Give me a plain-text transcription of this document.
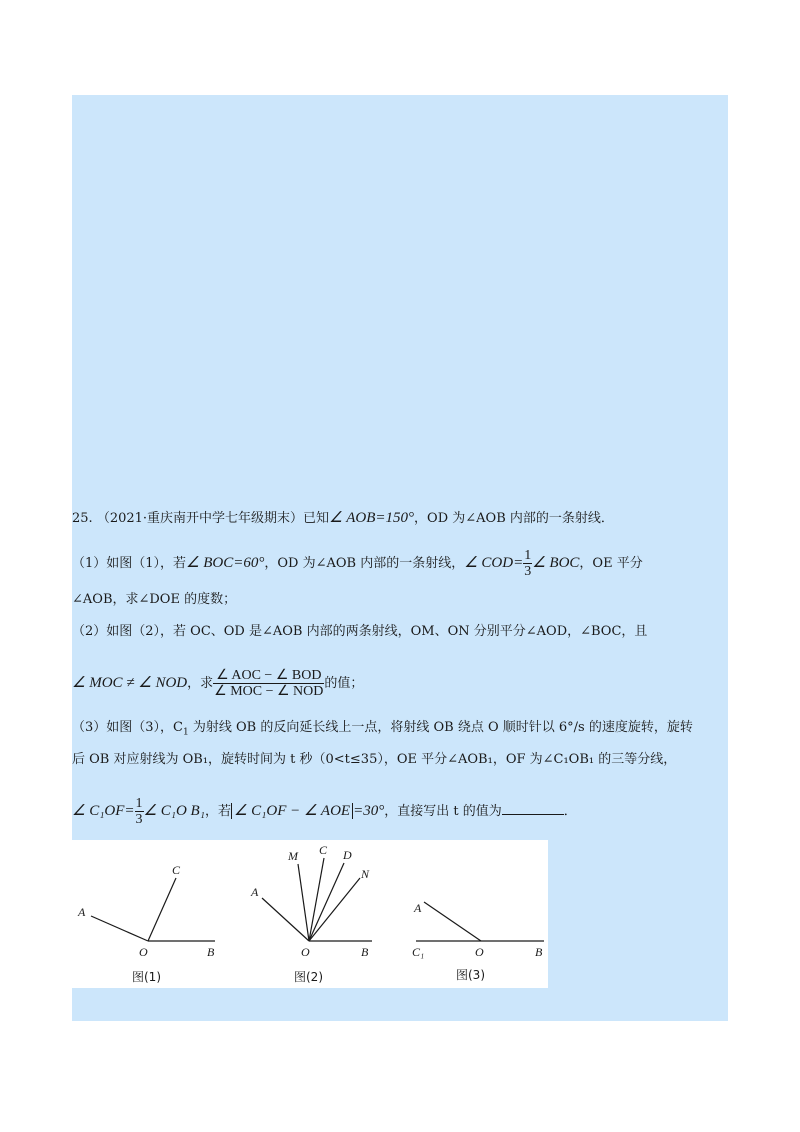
25. （2021·重庆南开中学七年级期末）已知∠ AOB=150°，OD 为∠AOB 内部的一条射线．
（1）如图（1），若∠ BOC=60°，OD 为∠AOB 内部的一条射线，∠ $COD= \frac{1}{3}$ ∠ BOC，OE 平分
∠AOB，求∠DOE 的度数；
（2）如图（2），若 OC、OD 是∠AOB 内部的两条射线，OM、ON 分别平分∠AOD，∠BOC，且
∠ MOC ≠ ∠ NOD，求 $\frac{\text{∠ AOC − ∠ BOD}}{\text{∠ MOC − ∠ NOD}}$ 的值；
（3）如图（3），$C_1$ 为射线 OB 的反向延长线上一点，将射线 OB 绕点 O 顺时针以 6°/s 的速度旋转，旋转
后 OB 对应射线为 OB₁，旋转时间为 t 秒（0<t≤35），OE 平分∠AOB₁，OF 为∠C₁OB₁ 的三等分线，
∠ $C_1OF= \frac{1}{3}$ ∠ C₁O B₁，若 ∠ C₁OF − ∠ AOE =30°，直接写出 t 的值为	．
A
C
O	B
图(1)
A
M C D
N
O	B
图(2)
A
C₁	O	B
图(3)
